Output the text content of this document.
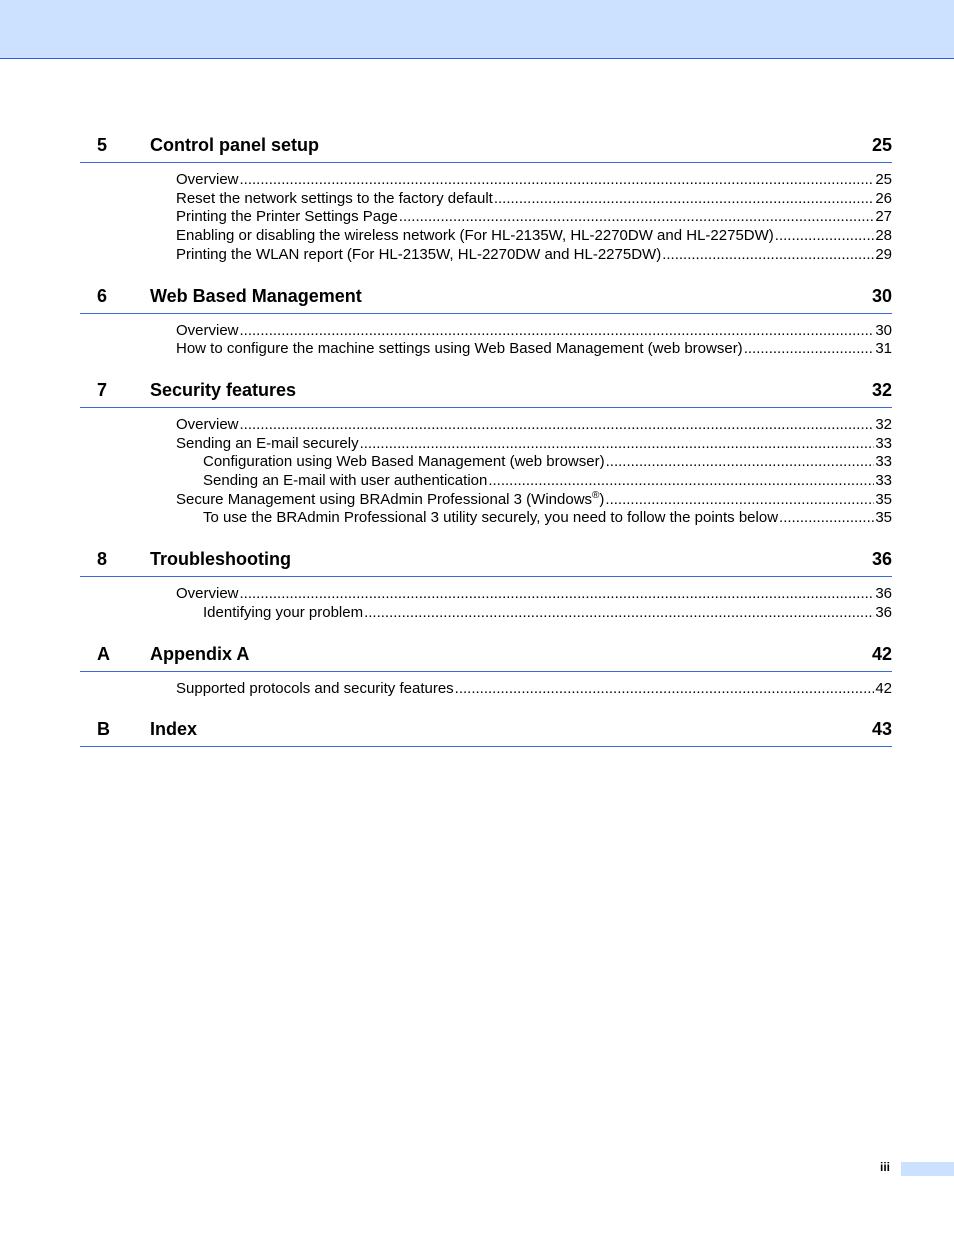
5	Control panel setup	25
Overview .....	25
Reset the network settings to the factory default .....	26
Printing the Printer Settings Page .....	27
Enabling or disabling the wireless network (For HL-2135W, HL-2270DW and HL-2275DW) .....	28
Printing the WLAN report (For HL-2135W, HL-2270DW and HL-2275DW) .....	29
6	Web Based Management	30
Overview .....	30
How to configure the machine settings using Web Based Management (web browser) .....	31
7	Security features	32
Overview .....	32
Sending an E-mail securely .....	33
Configuration using Web Based Management (web browser) .....	33
Sending an E-mail with user authentication .....	33
Secure Management using BRAdmin Professional 3 (Windows®) .....	35
To use the BRAdmin Professional 3 utility securely, you need to follow the points below .....	35
8	Troubleshooting	36
Overview .....	36
Identifying your problem .....	36
A	Appendix A	42
Supported protocols and security features .....	42
B	Index	43
iii
